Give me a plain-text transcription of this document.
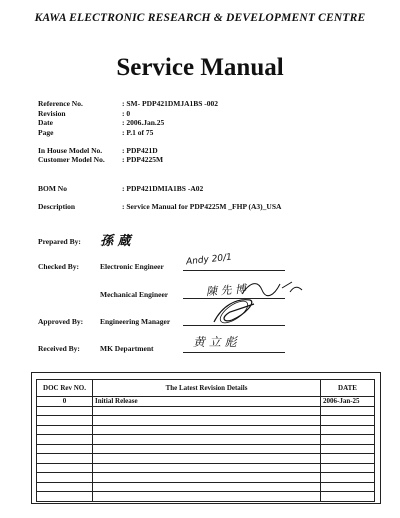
KAWA ELECTRONIC RESEARCH & DEVELOPMENT CENTRE
Service Manual
Reference No.	: SM- PDP421DMJA1BS -002
Revision	: 0
Date	: 2006.Jan.25
Page	: P.1 of 75
In House Model No.	: PDP421D
Customer Model No. : PDP4225M
BOM No	: PDP421DMIA1BS -A02
Description	: Service Manual for PDP4225M _FHP (A3)_USA
Prepared By: 孫 蔵
Checked By:	Electronic Engineer Andy 20/1
Mechanical Engineer	陳 先 博
Approved By: Engineering Manager
Received By:	MK Department	黄 立 彪
DOC Rev NO.	The Latest Revision Details	DATE
0	Initial Release	2006-Jan-25
